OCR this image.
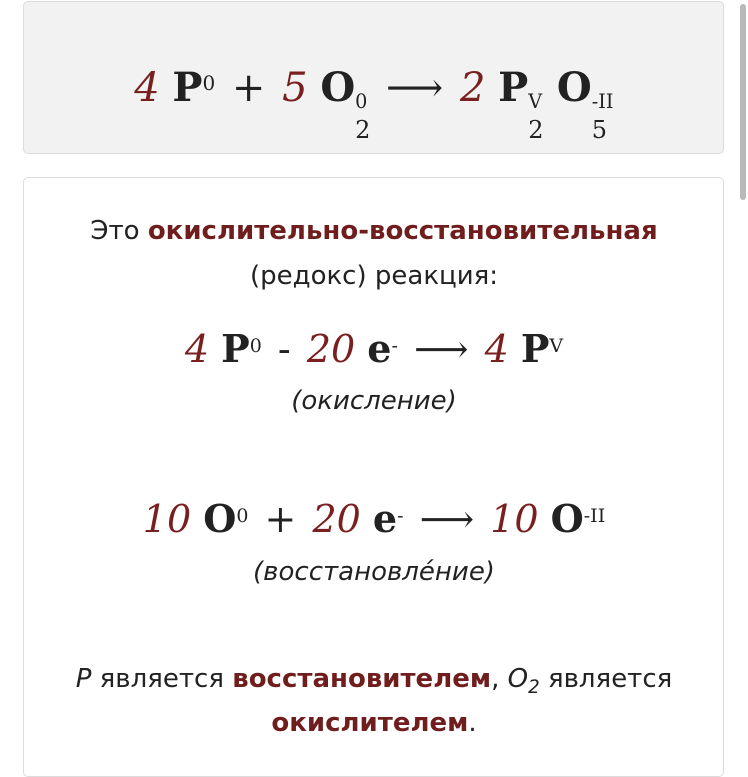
4 $P^0 + 5$ O 0
2
⟶ 2 P V
2
O -II
5
Это окислительно-восстановительная
(редокс) реакция:
4 $P^0 - 20$ e- ⟶ 4 $P^V$
(окисление)
10 $O^0 + 20$ e- ⟶ 10 $O^{-II}$
(восстановле́ние)
P является восстановителем, $O_2$ является
окислителем.
